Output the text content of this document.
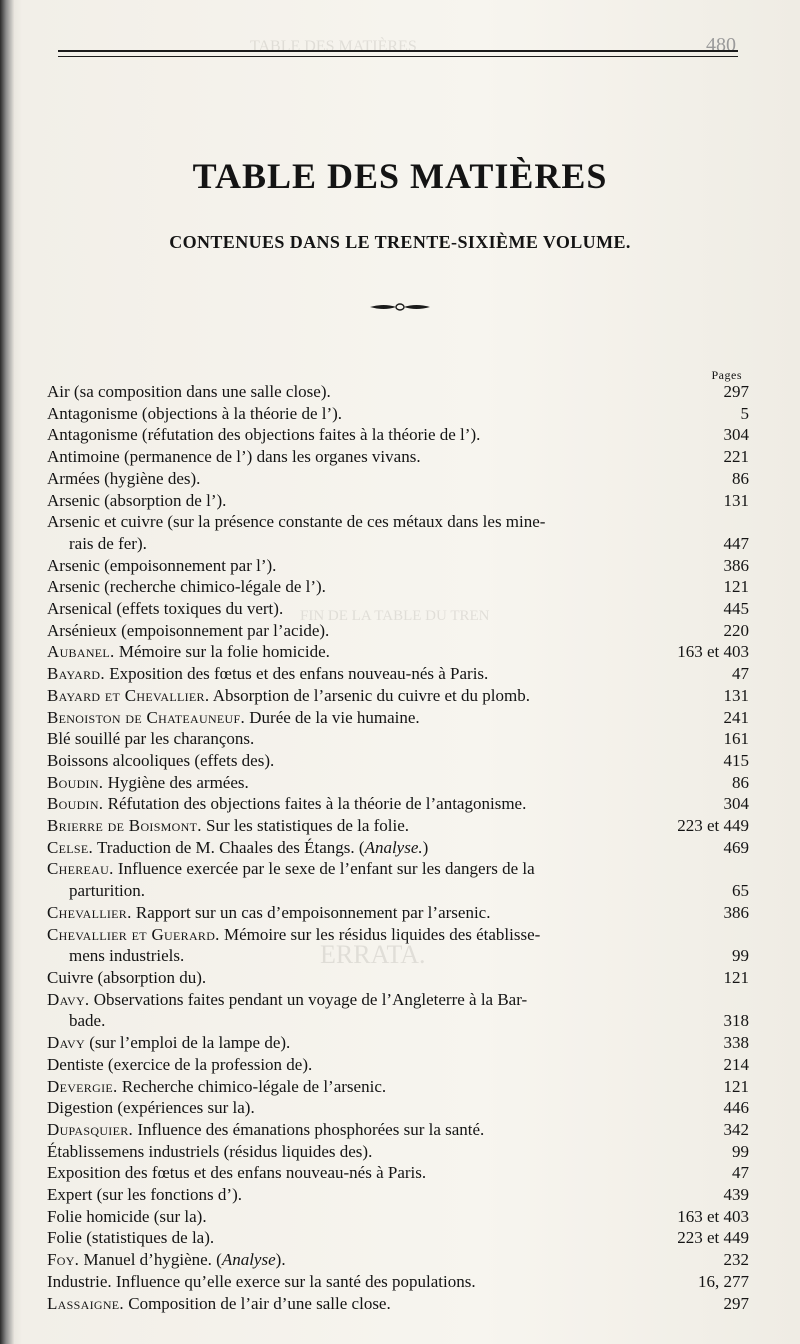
TABLE DES MATIÈRES
FIN DE LA TABLE DU TREN
ERRATA.
480
TABLE DES MATIÈRES
CONTENUES DANS LE TRENTE-SIXIÈME VOLUME.
Pages
Air (sa composition dans une salle close).	297
Antagonisme (objections à la théorie de l’).	5
Antagonisme (réfutation des objections faites à la théorie de l’).	304
Antimoine (permanence de l’) dans les organes vivans.	221
Armées (hygiène des).	86
Arsenic (absorption de l’).	131
Arsenic et cuivre (sur la présence constante de ces métaux dans les mine-
rais de fer).	447
Arsenic (empoisonnement par l’).	386
Arsenic (recherche chimico-légale de l’).	121
Arsenical (effets toxiques du vert).	445
Arsénieux (empoisonnement par l’acide).	220
Aubanel. Mémoire sur la folie homicide.	163 et 403
Bayard. Exposition des fœtus et des enfans nouveau-nés à Paris.	47
Bayard et Chevallier. Absorption de l’arsenic du cuivre et du plomb.	131
Benoiston de Chateauneuf. Durée de la vie humaine.	241
Blé souillé par les charançons.	161
Boissons alcooliques (effets des).	415
Boudin. Hygiène des armées.	86
Boudin. Réfutation des objections faites à la théorie de l’antagonisme.	304
Brierre de Boismont. Sur les statistiques de la folie.	223 et 449
Celse. Traduction de M. Chaales des Étangs. (Analyse.)	469
Chereau. Influence exercée par le sexe de l’enfant sur les dangers de la
parturition.	65
Chevallier. Rapport sur un cas d’empoisonnement par l’arsenic.	386
Chevallier et Guerard. Mémoire sur les résidus liquides des établisse-
mens industriels.	99
Cuivre (absorption du).	121
Davy. Observations faites pendant un voyage de l’Angleterre à la Bar-
bade.	318
Davy (sur l’emploi de la lampe de).	338
Dentiste (exercice de la profession de).	214
Devergie. Recherche chimico-légale de l’arsenic.	121
Digestion (expériences sur la).	446
Dupasquier. Influence des émanations phosphorées sur la santé.	342
Établissemens industriels (résidus liquides des).	99
Exposition des fœtus et des enfans nouveau-nés à Paris.	47
Expert (sur les fonctions d’).	439
Folie homicide (sur la).	163 et 403
Folie (statistiques de la).	223 et 449
Foy. Manuel d’hygiène. (Analyse).	232
Industrie. Influence qu’elle exerce sur la santé des populations.	16, 277
Lassaigne. Composition de l’air d’une salle close.	297
